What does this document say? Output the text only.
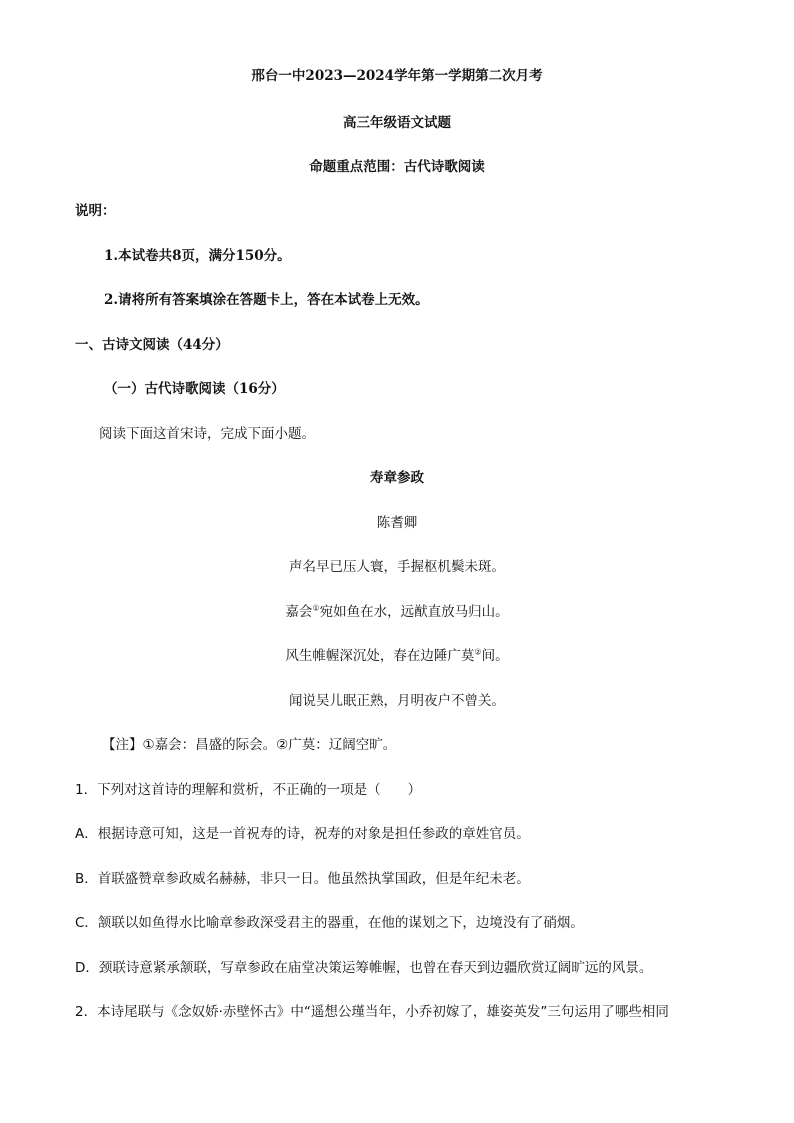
邢台一中2023—2024学年第一学期第二次月考
高三年级语文试题
命题重点范围：古代诗歌阅读
说明：
1.本试卷共8页，满分150分。
2.请将所有答案填涂在答题卡上，答在本试卷上无效。
一、古诗文阅读（44分）
（一）古代诗歌阅读（16分）
阅读下面这首宋诗，完成下面小题。
寿章参政
陈耆卿
声名早已压人寰，手握枢机鬓未斑。
嘉会①宛如鱼在水，远猷直放马归山。
风生帷幄深沉处，春在边陲广莫②间。
闻说吴儿眠正熟，月明夜户不曾关。
【注】①嘉会：昌盛的际会。②广莫：辽阔空旷。
1．下列对这首诗的理解和赏析，不正确的一项是（　　）
A．根据诗意可知，这是一首祝寿的诗，祝寿的对象是担任参政的章姓官员。
B．首联盛赞章参政威名赫赫，非只一日。他虽然执掌国政，但是年纪未老。
C．颔联以如鱼得水比喻章参政深受君主的器重，在他的谋划之下，边境没有了硝烟。
D．颈联诗意紧承颔联，写章参政在庙堂决策运筹帷幄，也曾在春天到边疆欣赏辽阔旷远的风景。
2．本诗尾联与《念奴娇·赤壁怀古》中“遥想公瑾当年，小乔初嫁了，雄姿英发”三句运用了哪些相同
